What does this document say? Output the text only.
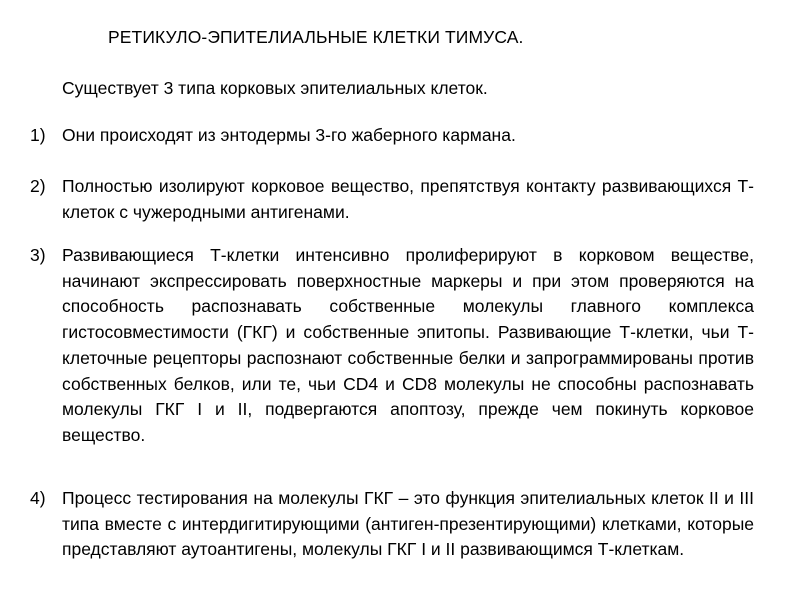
РЕТИКУЛО-ЭПИТЕЛИАЛЬНЫЕ КЛЕТКИ ТИМУСА.
Существует 3 типа корковых эпителиальных клеток.
1) Они происходят из энтодермы 3-го жаберного кармана.
2) Полностью изолируют корковое вещество, препятствуя контакту развивающихся Т-клеток с чужеродными антигенами.
3) Развивающиеся Т-клетки интенсивно пролиферируют в корковом веществе, начинают экспрессировать поверхностные маркеры и при этом проверяются на способность распознавать собственные молекулы главного комплекса гистосовместимости (ГКГ) и собственные эпитопы. Развивающие Т-клетки, чьи Т-клеточные рецепторы распознают собственные белки и запрограммированы против собственных белков, или те, чьи CD4 и CD8 молекулы не способны распознавать молекулы ГКГ I и II, подвергаются апоптозу, прежде чем покинуть корковое вещество.
4) Процесс тестирования на молекулы ГКГ – это функция эпителиальных клеток II и III типа вместе с интердигитирующими (антиген-презентирующими) клетками, которые представляют аутоантигены, молекулы ГКГ I и II развивающимся Т-клеткам.
